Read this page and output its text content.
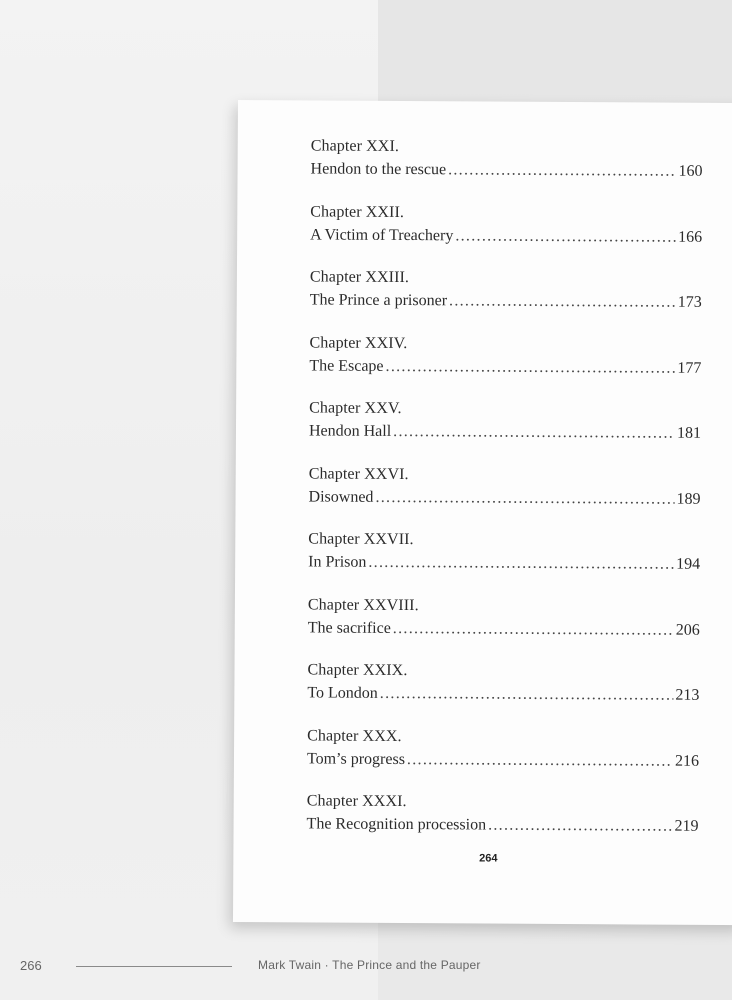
Chapter XXI.
Hendon to the rescue .....	160
Chapter XXII.
A Victim of Treachery .....	166
Chapter XXIII.
The Prince a prisoner .....	173
Chapter XXIV.
The Escape .....	177
Chapter XXV.
Hendon Hall .....	181
Chapter XXVI.
Disowned .....	189
Chapter XXVII.
In Prison .....	194
Chapter XXVIII.
The sacrifice .....	206
Chapter XXIX.
To London .....	213
Chapter XXX.
Tom’s progress .....	216
Chapter XXXI.
The Recognition procession .....	219
264
266	Mark Twain · The Prince and the Pauper
